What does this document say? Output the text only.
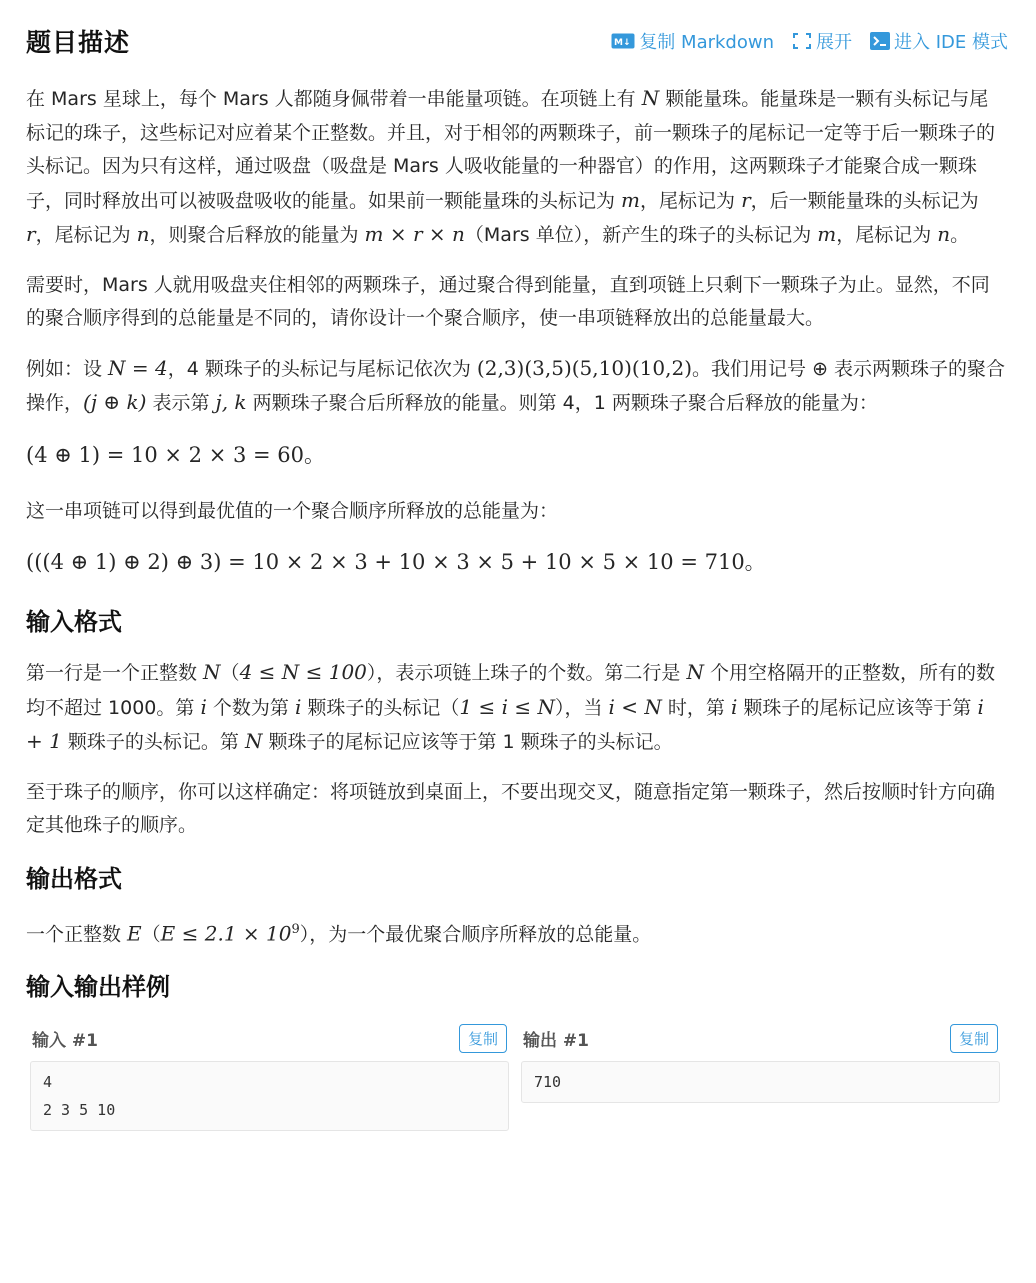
题目描述	M↓ 复制 Markdown 展开 进入 IDE 模式

在 Mars 星球上，每个 Mars 人都随身佩带着一串能量项链。在项链上有 N 颗能量珠。能量珠是一颗有头标记与尾标记的珠子，这些标记对应着某个正整数。并且，对于相邻的两颗珠子，前一颗珠子的尾标记一定等于后一颗珠子的头标记。因为只有这样，通过吸盘（吸盘是 Mars 人吸收能量的一种器官）的作用，这两颗珠子才能聚合成一颗珠子，同时释放出可以被吸盘吸收的能量。如果前一颗能量珠的头标记为 m，尾标记为 r，后一颗能量珠的头标记为 r，尾标记为 n，则聚合后释放的能量为 m × r × n（Mars 单位），新产生的珠子的头标记为 m，尾标记为 n。

需要时，Mars 人就用吸盘夹住相邻的两颗珠子，通过聚合得到能量，直到项链上只剩下一颗珠子为止。显然，不同的聚合顺序得到的总能量是不同的，请你设计一个聚合顺序，使一串项链释放出的总能量最大。

例如：设 N = 4，4 颗珠子的头标记与尾标记依次为 (2,3)(3,5)(5,10)(10,2)。我们用记号 ⊕ 表示两颗珠子的聚合操作，(j ⊕ k) 表示第 j, k 两颗珠子聚合后所释放的能量。则第 4，1 两颗珠子聚合后释放的能量为：

(4 ⊕ 1) = 10 × 2 × 3 = 60。

这一串项链可以得到最优值的一个聚合顺序所释放的总能量为：

(((4 ⊕ 1) ⊕ 2) ⊕ 3) = 10 × 2 × 3 + 10 × 3 × 5 + 10 × 5 × 10 = 710。
输入格式

第一行是一个正整数 N（4 ≤ N ≤ 100），表示项链上珠子的个数。第二行是 N 个用空格隔开的正整数，所有的数均不超过 1000。第 i 个数为第 i 颗珠子的头标记（1 ≤ i ≤ N），当 i < N 时，第 i 颗珠子的尾标记应该等于第 i + 1 颗珠子的头标记。第 N 颗珠子的尾标记应该等于第 1 颗珠子的头标记。

至于珠子的顺序，你可以这样确定：将项链放到桌面上，不要出现交叉，随意指定第一颗珠子，然后按顺时针方向确定其他珠子的顺序。

输出格式

一个正整数 $E(E \le 2.1 \times 10^9)$，为一个最优聚合顺序所释放的总能量。

输入输出样例
输入 #1	复制
4
2 3 5 10
输出 #1	复制
710
